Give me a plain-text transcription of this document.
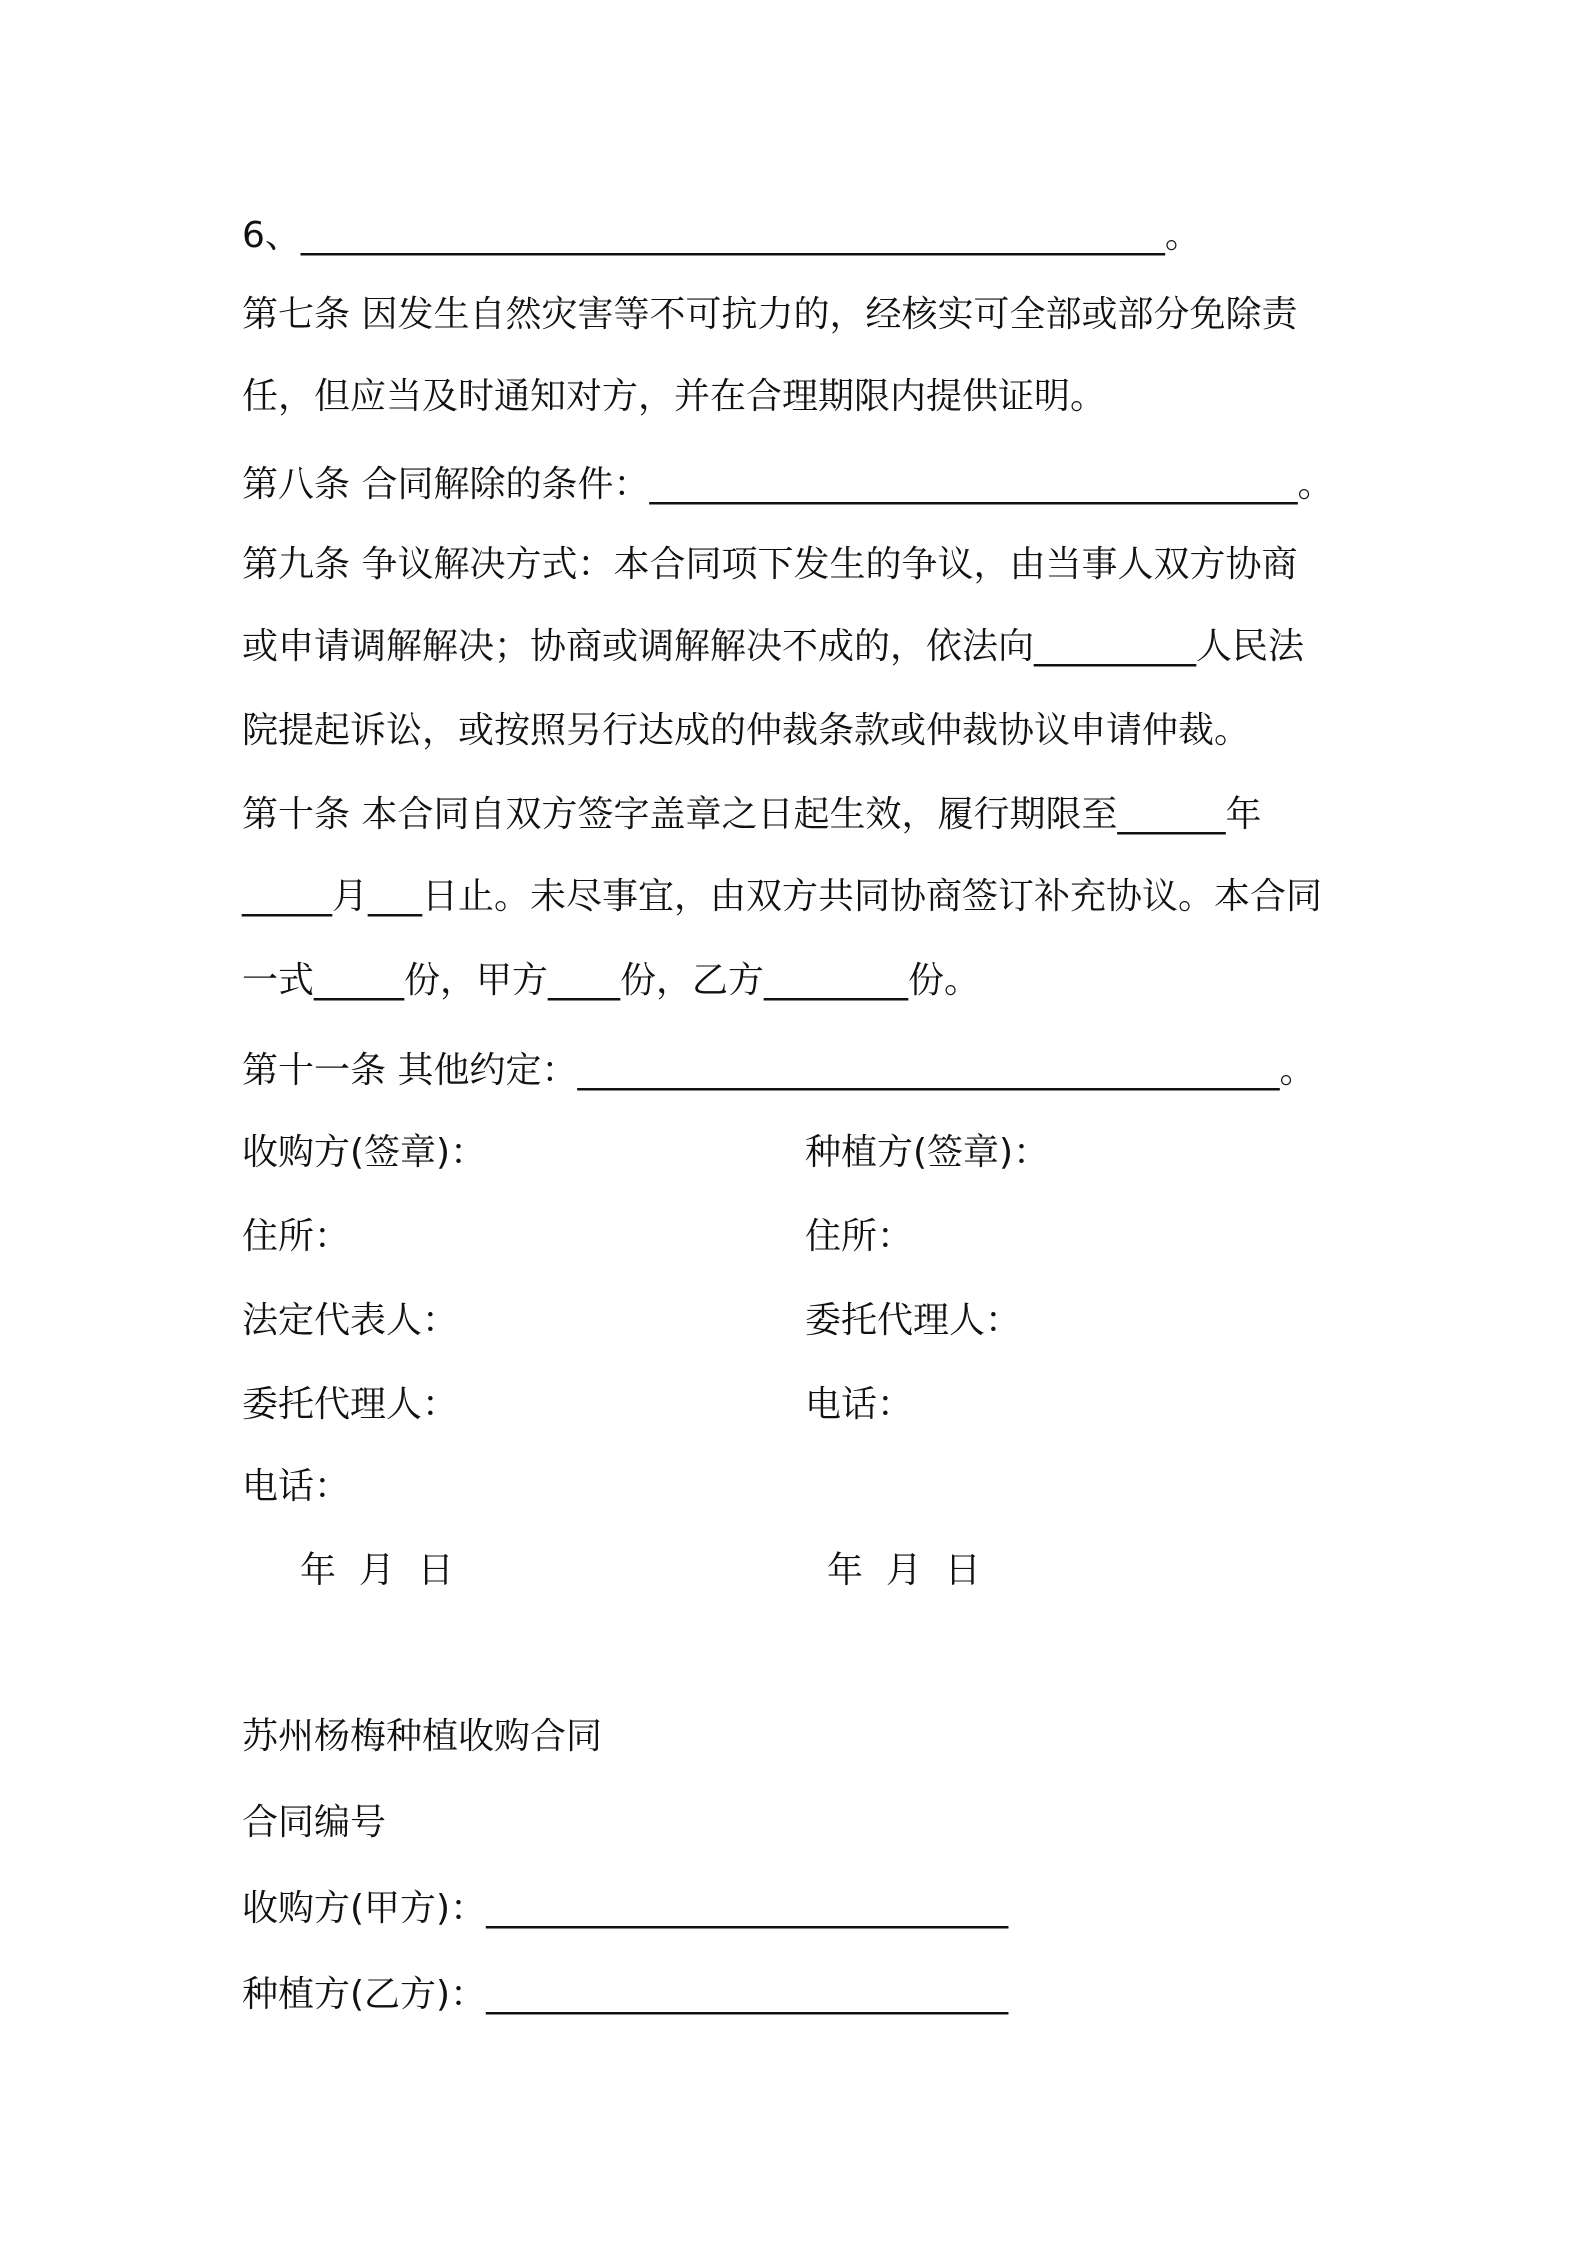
6、________________________________________________。
第七条 因发生自然灾害等不可抗力的，经核实可全部或部分免除责
任，但应当及时通知对方，并在合理期限内提供证明。
第八条 合同解除的条件：____________________________________。
第九条 争议解决方式：本合同项下发生的争议，由当事人双方协商
或申请调解解决；协商或调解解决不成的，依法向_________人民法
院提起诉讼，或按照另行达成的仲裁条款或仲裁协议申请仲裁。
第十条 本合同自双方签字盖章之日起生效，履行期限至______年
_____月___日止。未尽事宜，由双方共同协商签订补充协议。本合同
一式_____份，甲方____份，乙方________份。
第十一条 其他约定：_______________________________________。
收购方(签章)：	种植方(签章)：
住所：	住所：
法定代表人：	委托代理人：
委托代理人：	电话：
电话：
年  月  日	年  月  日
苏州杨梅种植收购合同
合同编号
收购方(甲方)：_____________________________
种植方(乙方)：_____________________________
